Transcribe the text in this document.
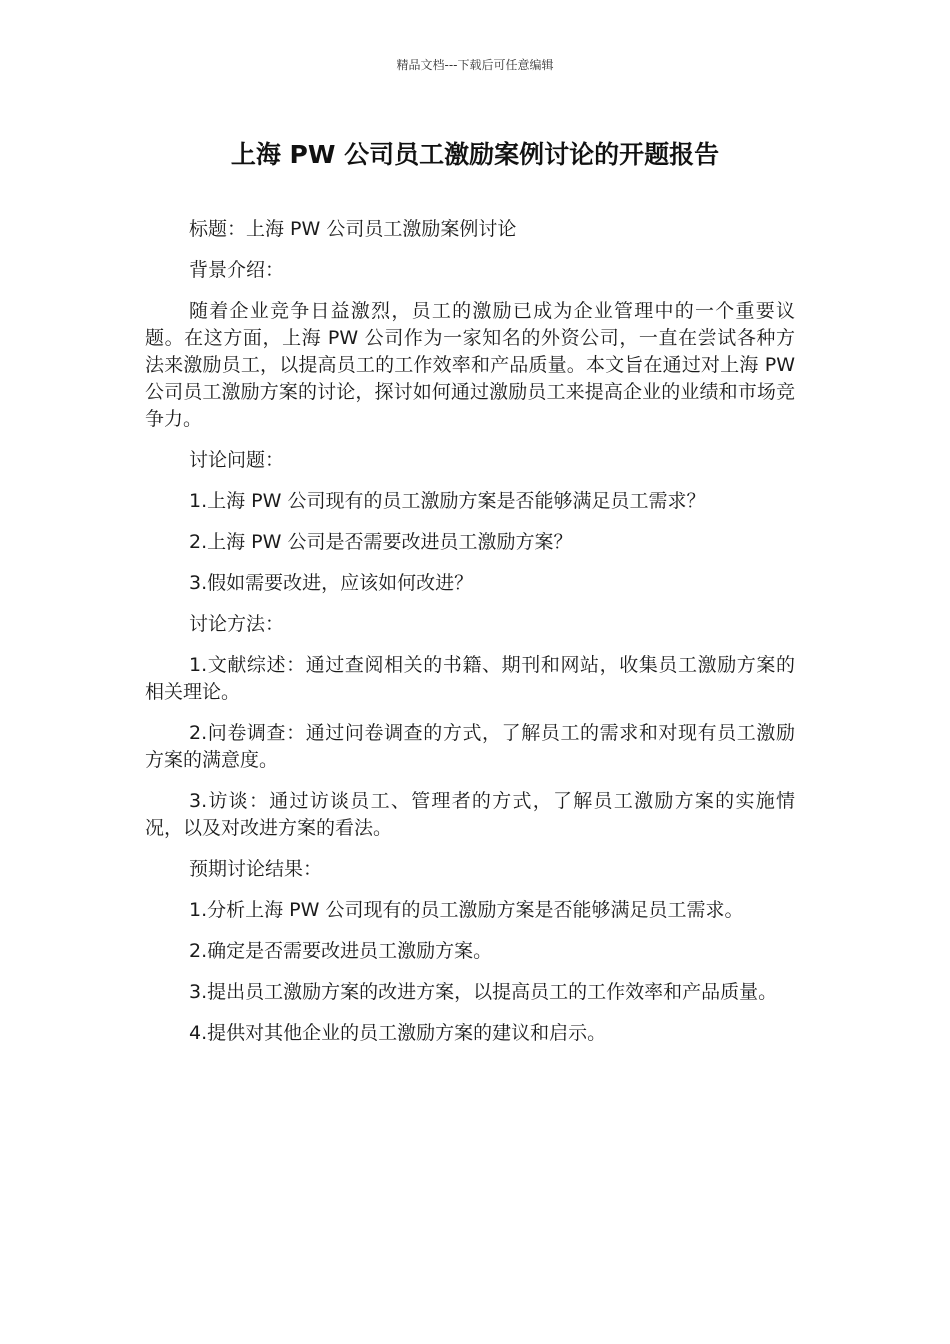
精品文档---下载后可任意编辑
上海 PW 公司员工激励案例讨论的开题报告

标题：上海 PW 公司员工激励案例讨论

背景介绍：

随着企业竞争日益激烈，员工的激励已成为企业管理中的一个重要议题。在这方面，上海 PW 公司作为一家知名的外资公司，一直在尝试各种方法来激励员工，以提高员工的工作效率和产品质量。本文旨在通过对上海 PW 公司员工激励方案的讨论，探讨如何通过激励员工来提高企业的业绩和市场竞争力。

讨论问题：

1.上海 PW 公司现有的员工激励方案是否能够满足员工需求？

2.上海 PW 公司是否需要改进员工激励方案？

3.假如需要改进，应该如何改进？

讨论方法：

1.文献综述：通过查阅相关的书籍、期刊和网站，收集员工激励方案的相关理论。

2.问卷调查：通过问卷调查的方式，了解员工的需求和对现有员工激励方案的满意度。

3.访谈：通过访谈员工、管理者的方式，了解员工激励方案的实施情况，以及对改进方案的看法。

预期讨论结果：

1.分析上海 PW 公司现有的员工激励方案是否能够满足员工需求。

2.确定是否需要改进员工激励方案。

3.提出员工激励方案的改进方案，以提高员工的工作效率和产品质量。

4.提供对其他企业的员工激励方案的建议和启示。
